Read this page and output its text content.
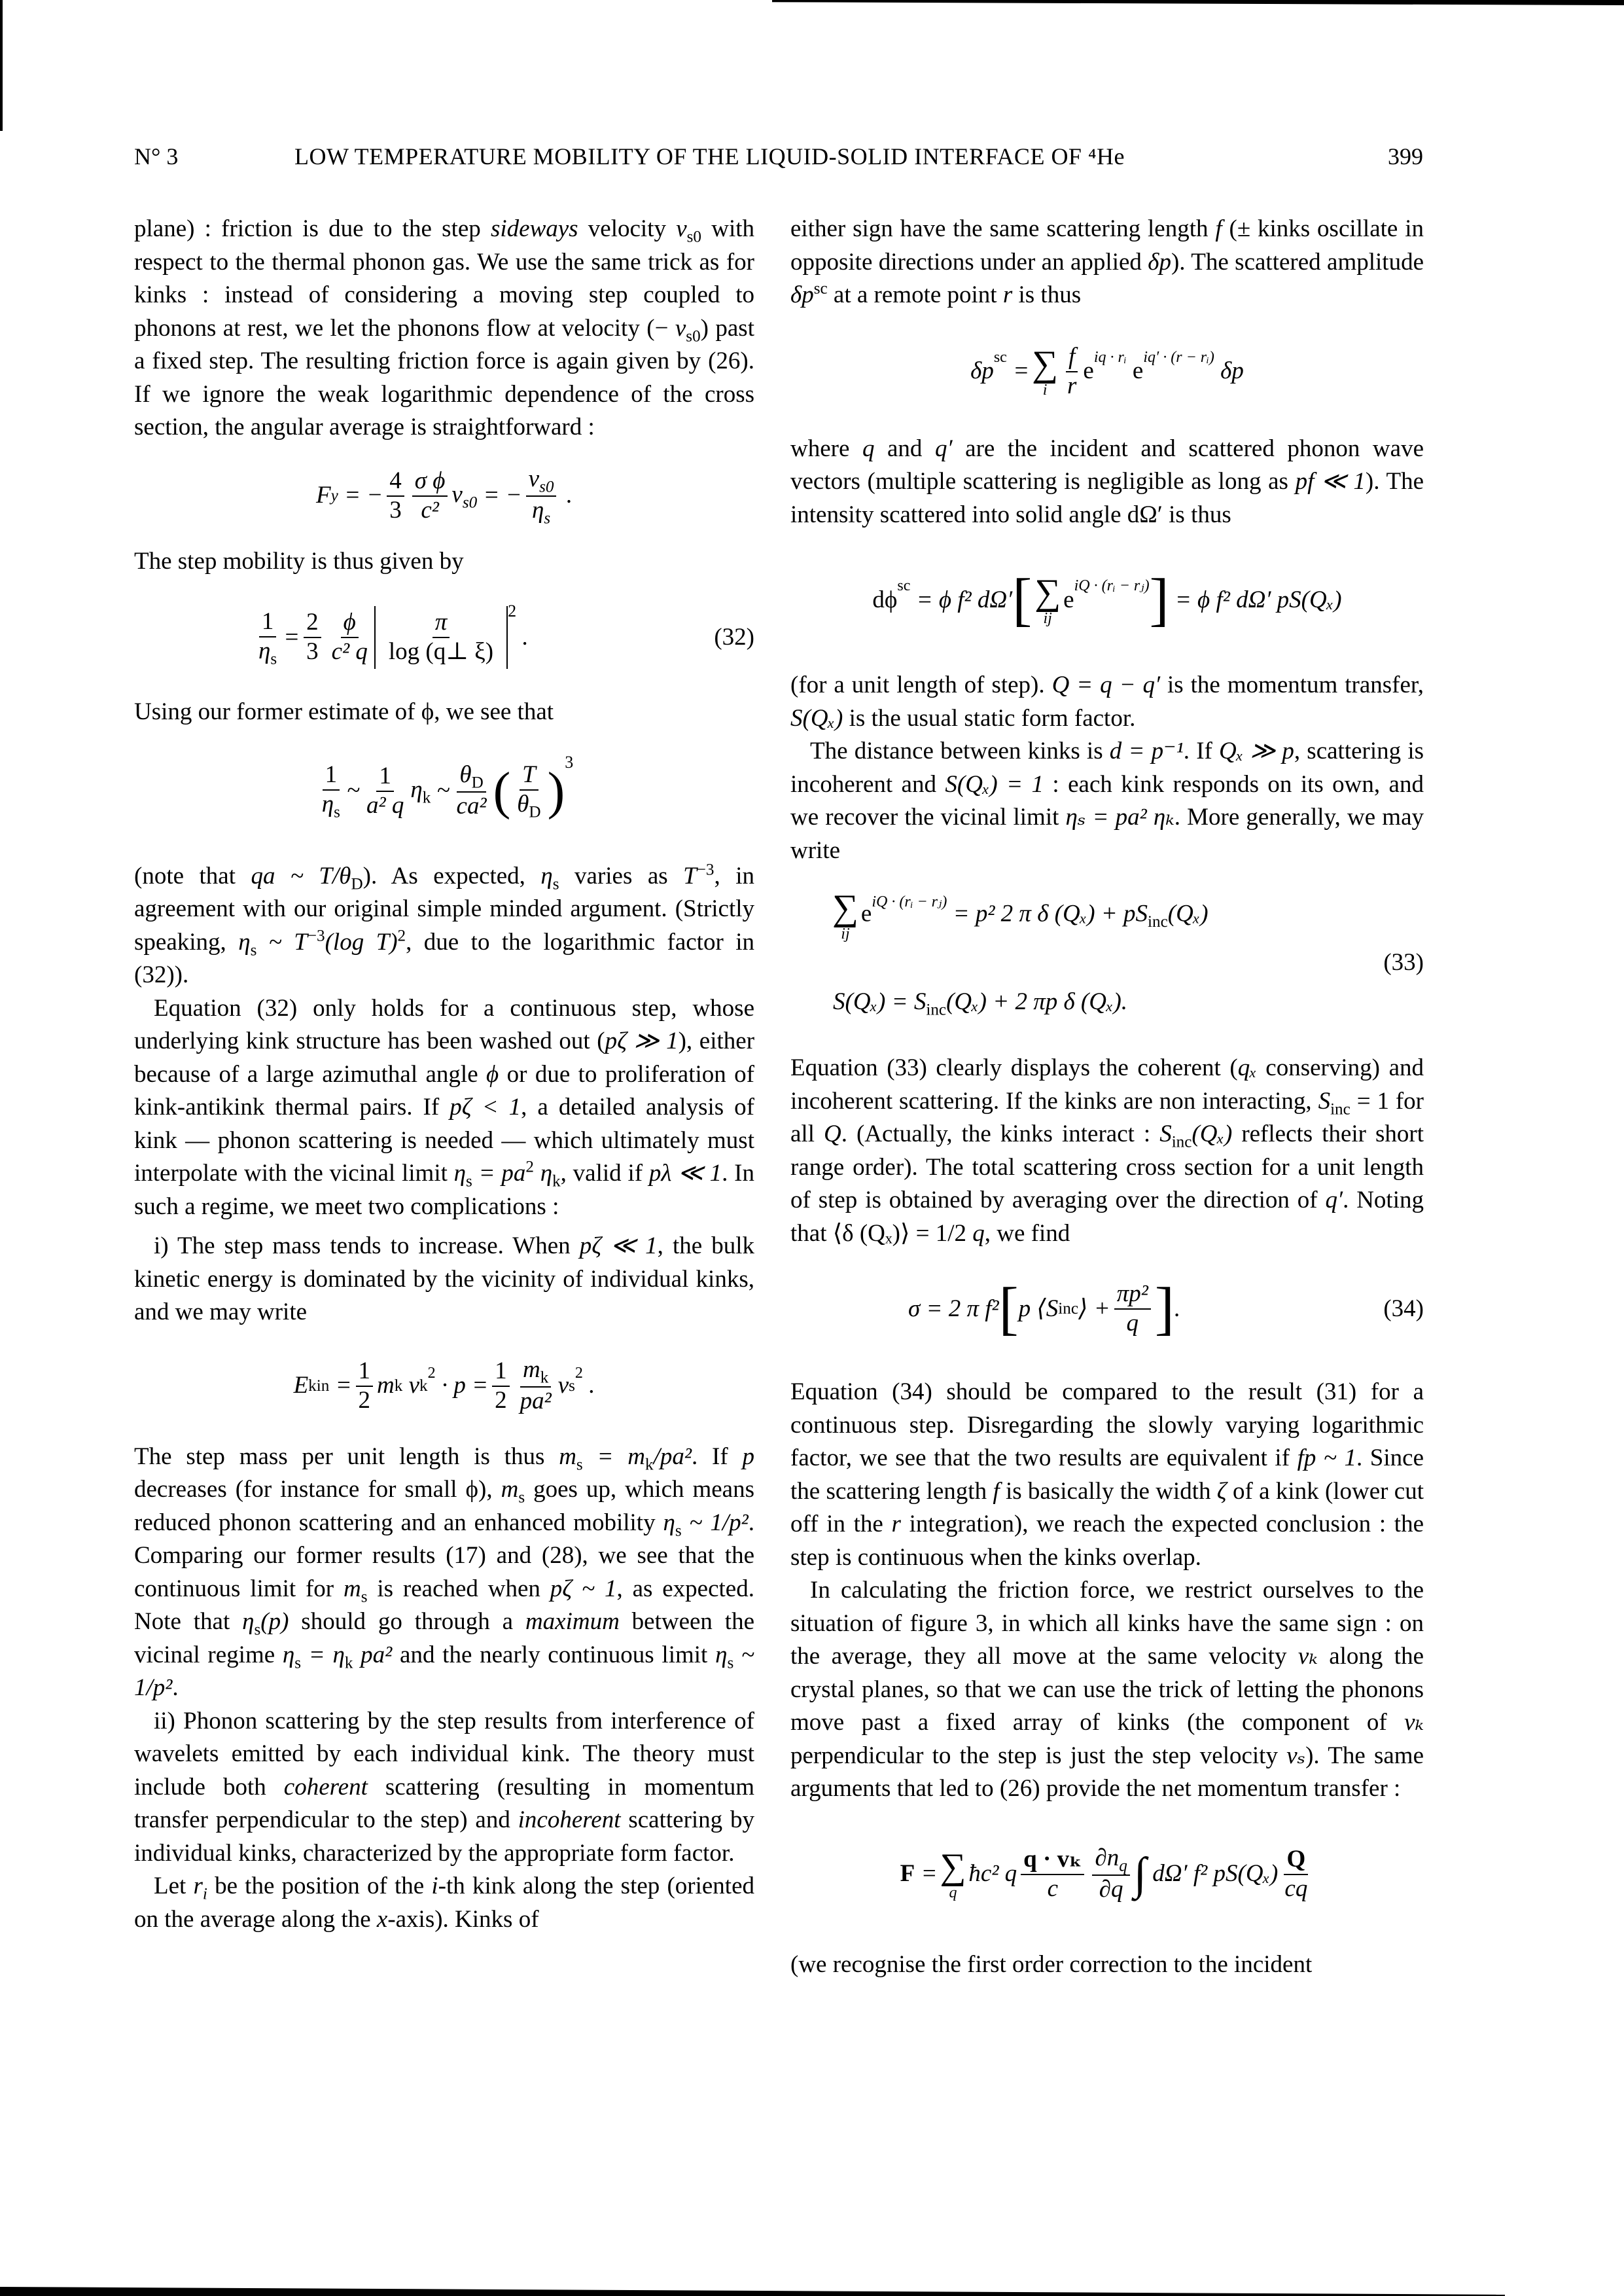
N° 3	LOW TEMPERATURE MOBILITY OF THE LIQUID-SOLID INTERFACE OF ⁴He	399

plane) : friction is due to the step sideways velocity $v_{s0}$ with respect to the thermal phonon gas. We use the same trick as for kinks : instead of considering a moving step coupled to phonons at rest, we let the phonons flow at velocity (− $v_{s0}$) past a fixed step. The resulting friction force is again given by (26). If we ignore the weak logarithmic dependence of the cross section, the angular average is straightforward :

F y = − $\frac{4}{3} \frac{\text{σ ϕ}}{\text{c²}} v_{s0}$ = − $\frac{v_{s0}}{\eta_s}$ .

The step mobility is thus given by

$\frac{1}{\eta_s} = \frac{2}{3} \frac{\phi}{\text{c² q}} \frac{\pi}{\log (q\perp \xi)} 2$
.	(32)

Using our former estimate of ϕ, we see that

$\frac{1}{\eta_s}$ ~ $\frac{1}{\text{a² q}} \eta_k$ ~ $\frac{\theta_D}{\text{ca²}}$ ( $\frac{T}{\theta_D}$ )
3

(note that qa ~ $T/\theta_D$). As expected, $\eta_s$ varies as $T^{-3}$, in agreement with our original simple minded argument. (Strictly speaking, $\eta_s$ ~ $T^{-3}(\log$ T)$^2$, due to the logarithmic factor in (32)).

Equation (32) only holds for a continuous step, whose underlying kink structure has been washed out (pζ ≫ 1), either because of a large azimuthal angle ϕ or due to proliferation of kink-antikink thermal pairs. If pζ < 1, a detailed analysis of kink — phonon scattering is needed — which ultimately must interpolate with the vicinal limit $\eta_s = pa^2$ $\eta_k$, valid if pλ ≪ 1. In such a regime, we meet two complications :

i) The step mass tends to increase. When pζ ≪ 1, the bulk kinetic energy is dominated by the vicinity of individual kinks, and we may write

E kin = $\frac{1}{2}$ m k
v k
$2 \cdot p = \frac{1}{2} \frac{m_k}{\text{pa²}}$ v s
2 .

The step mass per unit length is thus $m_s = m_k/pa^2$. If p decreases (for instance for small ϕ), $m_s$ goes up, which means reduced phonon scattering and an enhanced mobility $\eta_s$ ~ 1/p². Comparing our former results (17) and (28), we see that the continuous limit for $m_s$ is reached when pζ ~ 1, as expected. Note that $\eta_s(p)$ should go through a maximum between the vicinal regime $\eta_s = \eta_k$ pa² and the nearly continuous limit $\eta_s$ ~ 1/p².

ii) Phonon scattering by the step results from interference of wavelets emitted by each individual kink. The theory must include both coherent scattering (resulting in momentum transfer perpendicular to the step) and incoherent scattering by individual kinks, characterized by the appropriate form factor.

Let $r_i$ be the position of the i-th kink along the step (oriented on the average along the x-axis). Kinks of

either sign have the same scattering length f (± kinks oscillate in opposite directions under an applied δp). The scattered amplitude $\delta p^{sc}$ at a remote point r is thus

δp
sc
= ∑
i $\frac{f}{r}$ e
iq · rᵢ

e
iq′ · (r − rᵢ)

δp

where q and q′ are the incident and scattered phonon wave vectors (multiple scattering is negligible as long as pf ≪ 1). The intensity scattered into solid angle dΩ′ is thus

dϕ
sc
= ϕ f² dΩ′ [ ∑
ij
e
iQ · (rᵢ − rⱼ) ] = ϕ f² dΩ′ pS(Qₓ)

(for a unit length of step). Q = q − q′ is the momentum transfer, S(Qₓ) is the usual static form factor.

The distance between kinks is d = p⁻¹. If Qₓ ≫ p, scattering is incoherent and S(Qₓ) = 1 : each kink responds on its own, and we recover the vicinal limit ηₛ = pa² ηₖ. More generally, we may write

∑
ij
eiQ · (rᵢ − rⱼ) = p² 2 π δ $(Q_x) + pS_{inc}(Q_x)$
$S(Q_x) = S_{inc}(Q_x) + 2$ πp δ (Qₓ).
(33)

Equation (33) clearly displays the coherent (qₓ conserving) and incoherent scattering. If the kinks are non interacting, $S_{inc} = 1$ for all Q. (Actually, the kinks interact : $S_{inc}(Q_x)$ reflects their short range order). The total scattering cross section for a unit length of step is obtained by averaging over the direction of q′. Noting that ⟨δ (Qₓ)⟩ = 1/2 q, we find

σ = 2 π f² [ p ⟨S inc ⟩ + $\frac{\text{πp²}}{q}$ ] .	(34)

Equation (34) should be compared to the result (31) for a continuous step. Disregarding the slowly varying logarithmic factor, we see that the two results are equivalent if fp ~ 1. Since the scattering length f is basically the width ζ of a kink (lower cut off in the r integration), we reach the expected conclusion : the step is continuous when the kinks overlap.

In calculating the friction force, we restrict ourselves to the situation of figure 3, in which all kinks have the same sign : on the average, they all move at the same velocity vₖ along the crystal planes, so that we can use the trick of letting the phonons move past a fixed array of kinks (the component of vₖ perpendicular to the step is just the step velocity vₛ). The same arguments that led to (26) provide the net momentum transfer :

F = ∑
q
ħc² q $\frac{\text{q · vₖ}}{c} \frac{\partial n_q}{\partial q}$ ∫
dΩ′ f² $pS(Q_x) \frac{Q}{cq}$

(we recognise the first order correction to the incident
